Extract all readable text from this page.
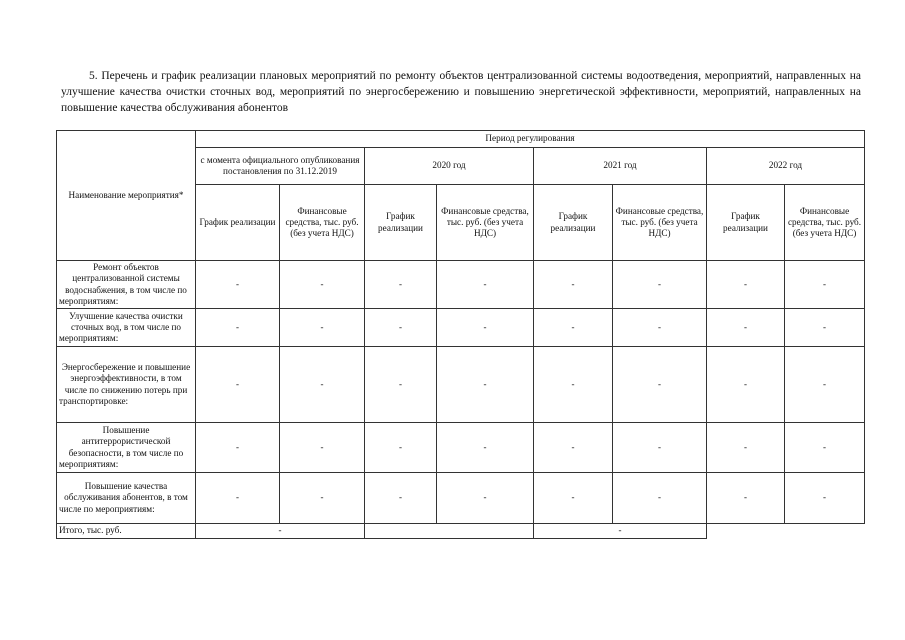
5. Перечень и график реализации плановых мероприятий по ремонту объектов централизованной системы водоотведения, мероприятий, направленных на улучшение качества очистки сточных вод, мероприятий по энергосбережению и повышению энергетической эффективности, мероприятий, направленных на повышение качества обслуживания абонентов
Наименование мероприятия*	Период регулирования							
	с момента официального опубликования постановления по 31.12.2019		2020 год		2021 год		2022 год	
	График реализации	Финансовые средства, тыс. руб. (без учета НДС)	График реализации	Финансовые средства, тыс. руб. (без учета НДС)	График реализации	Финансовые средства, тыс. руб. (без учета НДС)	График реализации	Финансовые средства, тыс. руб. (без учета НДС)
Ремонт объектов централизованной системы водоснабжения, в том числе по мероприятиям:	-	-	-	-	-	-	-	-
Улучшение качества очистки сточных вод, в том числе по мероприятиям:	-	-	-	-	-	-	-	-
Энергосбережение и повышение энергоэффективности, в том числе по снижению потерь при транспортировке:	-	-	-	-	-	-	-	-
Повышение антитеррористической безопасности, в том числе по мероприятиям:	-	-	-	-	-	-	-	-
Повышение качества обслуживания абонентов, в том числе по мероприятиям:	-	-	-	-	-	-	-	-
Итого, тыс. руб.	-				-			
